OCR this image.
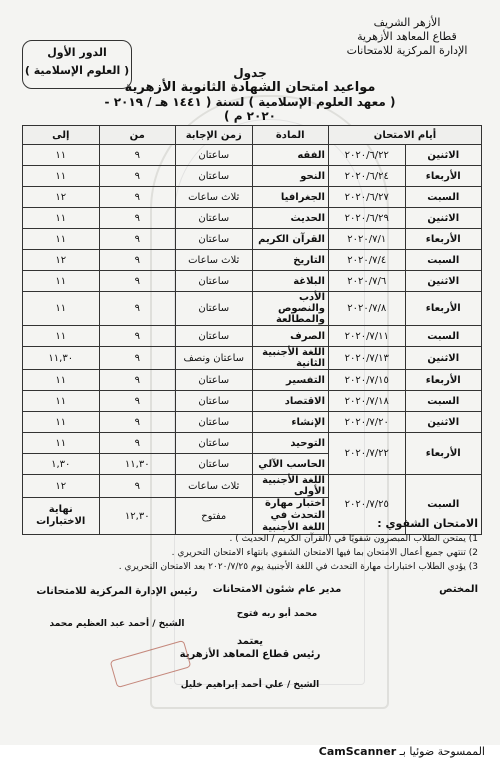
الأزهر الشريف
قطاع المعاهد الأزهرية
الإدارة المركزية للامتحانات
الدور الأول
( العلوم الإسلامية )	جدول
مواعيد امتحان الشهادة الثانوية الأزهرية
( معهد العلوم الإسلامية ) لسنة ( ١٤٤١ هـ / ٢٠١٩ - ٢٠٢٠ م )
أيام الامتحان		المادة	زمن الإجابة	من	إلى
الاثنين	٢٠٢٠/٦/٢٢	الفقه	ساعتان	٩	١١
الأربعاء	٢٠٢٠/٦/٢٤	النحو	ساعتان	٩	١١
السبت	٢٠٢٠/٦/٢٧	الجغرافيا	ثلاث ساعات	٩	١٢
الاثنين	٢٠٢٠/٦/٢٩	الحديث	ساعتان	٩	١١
الأربعاء	٢٠٢٠/٧/١	القرآن الكريم	ساعتان	٩	١١
السبت	٢٠٢٠/٧/٤	التاريخ	ثلاث ساعات	٩	١٢
الاثنين	٢٠٢٠/٧/٦	البلاغة	ساعتان	٩	١١
الأربعاء	٢٠٢٠/٧/٨	الأدب والنصوص والمطالعة	ساعتان	٩	١١
السبت	٢٠٢٠/٧/١١	الصرف	ساعتان	٩	١١
الاثنين	٢٠٢٠/٧/١٣	اللغة الأجنبية الثانية	ساعتان ونصف	٩	١١,٣٠
الأربعاء	٢٠٢٠/٧/١٥	التفسير	ساعتان	٩	١١
السبت	٢٠٢٠/٧/١٨	الاقتصاد	ساعتان	٩	١١
الاثنين	٢٠٢٠/٧/٢٠	الإنشاء	ساعتان	٩	١١
الأربعاء	٢٠٢٠/٧/٢٢	التوحيد	ساعتان	٩	١١
		الحاسب الآلي	ساعتان	١١,٣٠	١,٣٠
السبت	٢٠٢٠/٧/٢٥	اللغة الأجنبية الأولى	ثلاث ساعات	٩	١٢
		اختبار مهارة التحدث في اللغة الأجنبية	مفتوح	١٢,٣٠	نهاية الاختبارات	الامتحان الشفوي :
1) يمتحن الطلاب المبصرون شفويًا في (القرآن الكريم / الحديث ) .
2) تنتهي جميع أعمال الامتحان بما فيها الامتحان الشفوي بانتهاء الامتحان التحريري .
3) يؤدي الطلاب اختبارات مهارة التحدث في اللغة الأجنبية يوم ٢٠٢٠/٧/٢٥ بعد الامتحان التحريري .
المختص
مدير عام شئون الامتحانات
محمد أبو ربه فتوح
رئيس الإدارة المركزية للامتحانات
الشيخ / أحمد عبد العظيم محمد
يعتمد
رئيس قطاع المعاهد الأزهرية
الشيخ / علي أحمد إبراهيم خليل
الممسوحة ضوئيا بـ CamScanner
